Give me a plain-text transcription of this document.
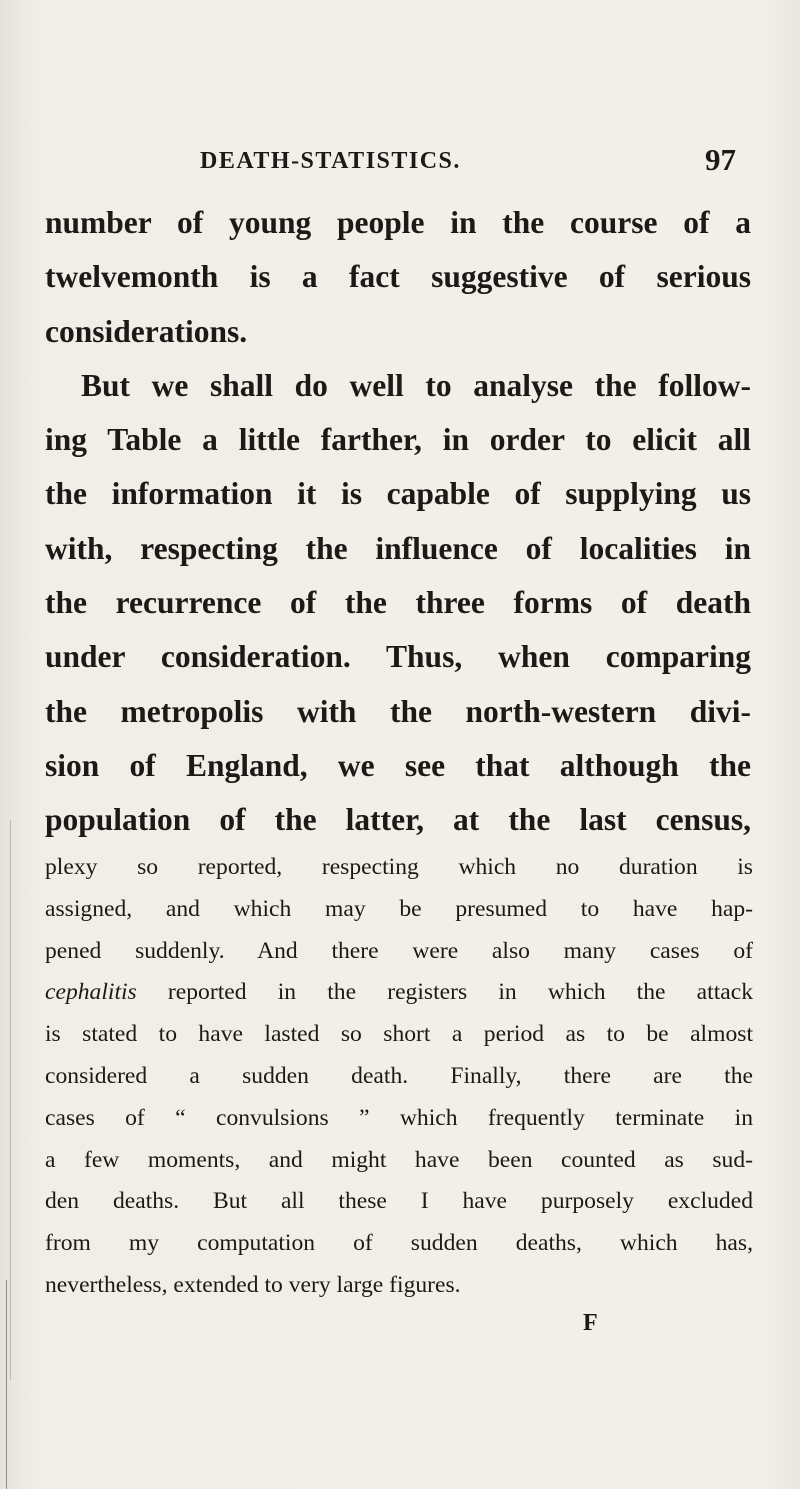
DEATH-STATISTICS.	97

number of young people in the course of a

twelvemonth is a fact suggestive of serious

considerations.

But we shall do well to analyse the follow-

ing Table a little farther, in order to elicit all

the information it is capable of supplying us

with, respecting the influence of localities in

the recurrence of the three forms of death

under consideration. Thus, when comparing

the metropolis with the north-western divi-

sion of England, we see that although the

population of the latter, at the last census,

plexy so reported, respecting which no duration is

assigned, and which may be presumed to have hap-

pened suddenly. And there were also many cases of

cephalitis reported in the registers in which the attack

is stated to have lasted so short a period as to be almost

considered a sudden death. Finally, there are the

cases of “ convulsions ” which frequently terminate in

a few moments, and might have been counted as sud-

den deaths. But all these I have purposely excluded

from my computation of sudden deaths, which has,

nevertheless, extended to very large figures.

F
